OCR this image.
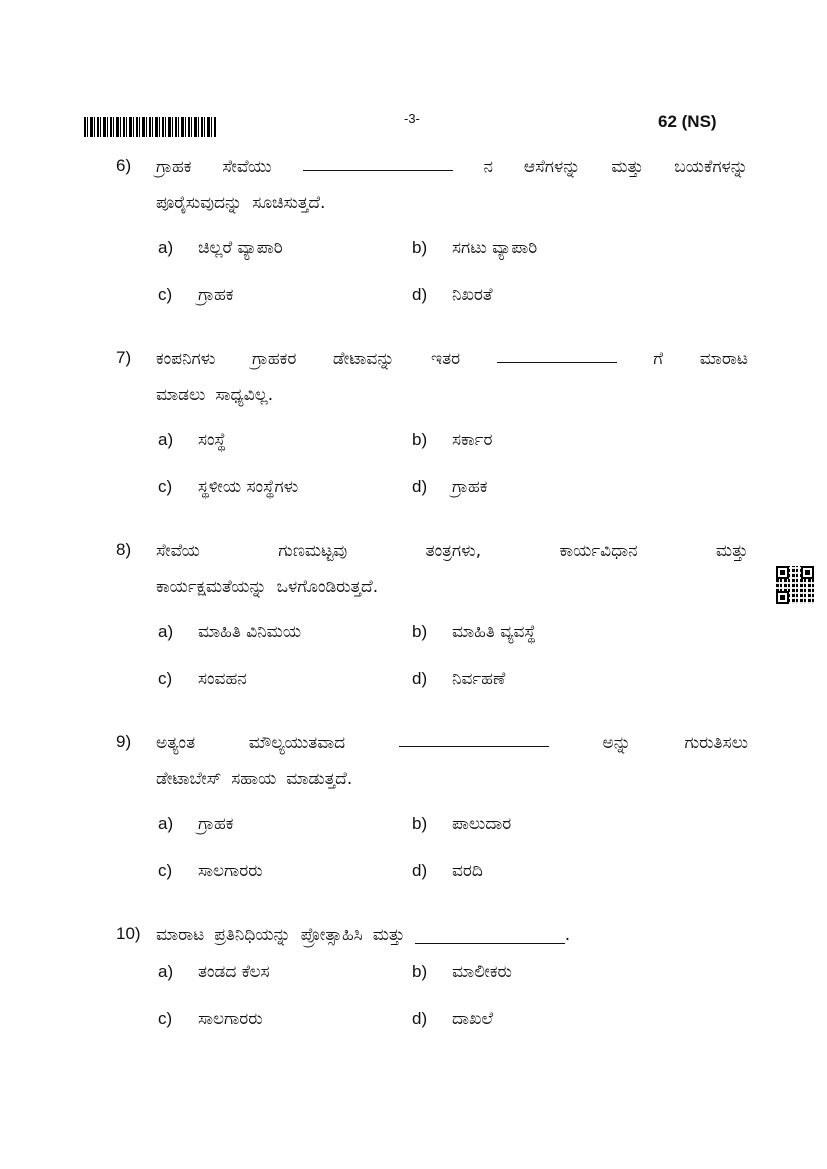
-3-	62 (NS)
6) ಗ್ರಾಹಕ ಸೇವೆಯು	ನ ಆಸೆಗಳನ್ನು ಮತ್ತು ಬಯಕೆಗಳನ್ನು
ಪೂರೈಸುವುದನ್ನು ಸೂಚಿಸುತ್ತದೆ.
a) ಚಿಲ್ಲರೆ ವ್ಯಾಪಾರಿ	b) ಸಗಟು ವ್ಯಾಪಾರಿ
c) ಗ್ರಾಹಕ	d) ನಿಖರತೆ
7) ಕಂಪನಿಗಳು ಗ್ರಾಹಕರ ಡೇಟಾವನ್ನು ಇತರ	ಗೆ ಮಾರಾಟ
ಮಾಡಲು ಸಾಧ್ಯವಿಲ್ಲ.
a) ಸಂಸ್ಥೆ	b) ಸರ್ಕಾರ
c) ಸ್ಥಳೀಯ ಸಂಸ್ಥೆಗಳು	d) ಗ್ರಾಹಕ
8) ಸೇವೆಯ	ಗುಣಮಟ್ಟವು	ತಂತ್ರಗಳು,	ಕಾರ್ಯವಿಧಾನ	ಮತ್ತು
ಕಾರ್ಯಕ್ಷಮತೆಯನ್ನು ಒಳಗೊಂಡಿರುತ್ತದೆ.
a) ಮಾಹಿತಿ ವಿನಿಮಯ	b) ಮಾಹಿತಿ ವ್ಯವಸ್ಥೆ
c) ಸಂವಹನ	d) ನಿರ್ವಹಣೆ
9) ಅತ್ಯಂತ	ಮೌಲ್ಯಯುತವಾದ	ಅನ್ನು	ಗುರುತಿಸಲು
ಡೇಟಾಬೇಸ್ ಸಹಾಯ ಮಾಡುತ್ತದೆ.
a) ಗ್ರಾಹಕ	b) ಪಾಲುದಾರ
c) ಸಾಲಗಾರರು	d) ವರದಿ
10) ಮಾರಾಟ ಪ್ರತಿನಿಧಿಯನ್ನು ಪ್ರೋತ್ಸಾಹಿಸಿ ಮತ್ತು	.
a) ತಂಡದ ಕೆಲಸ	b) ಮಾಲೀಕರು
c) ಸಾಲಗಾರರು	d) ದಾಖಲೆ
